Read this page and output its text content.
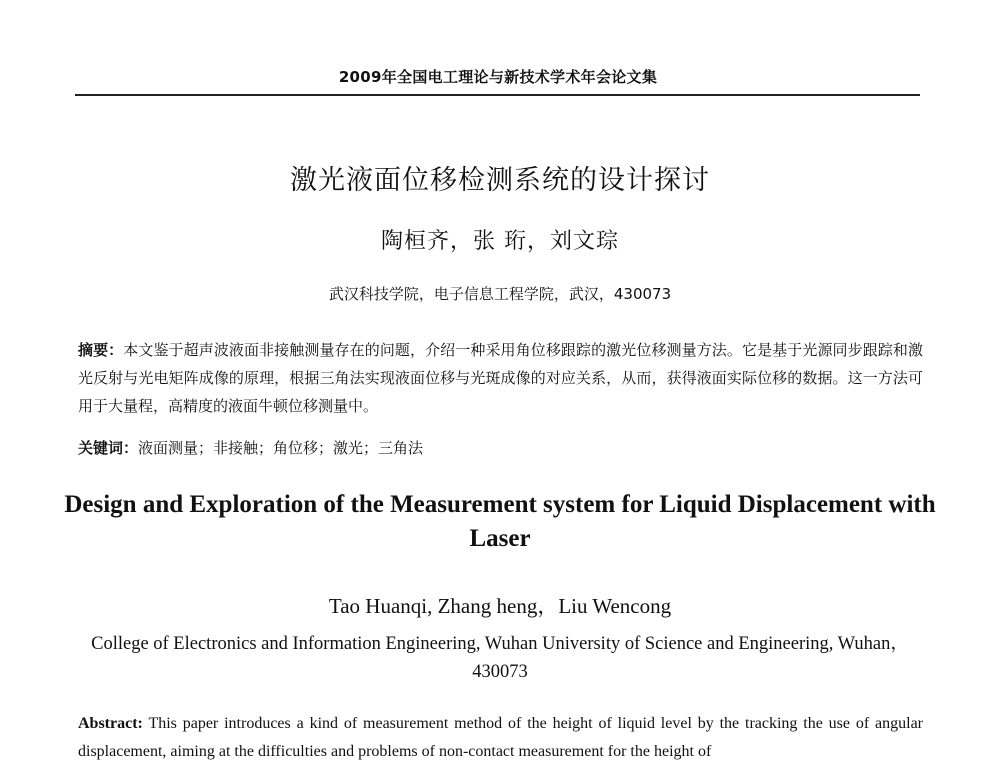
2009年全国电工理论与新技术学术年会论文集
激光液面位移检测系统的设计探讨
陶桓齐，张 珩，刘文琮
武汉科技学院，电子信息工程学院，武汉，430073
摘要：本文鉴于超声波液面非接触测量存在的问题，介绍一种采用角位移跟踪的激光位移测量方法。它是基于光源同步跟踪和激光反射与光电矩阵成像的原理，根据三角法实现液面位移与光斑成像的对应关系，从而，获得液面实际位移的数据。这一方法可用于大量程，高精度的液面牛顿位移测量中。
关键词：液面测量；非接触；角位移；激光；三角法
Design and Exploration of the Measurement system for Liquid Displacement with Laser
Tao Huanqi, Zhang heng，Liu Wencong
College of Electronics and Information Engineering, Wuhan University of Science and Engineering, Wuhan，430073
Abstract: This paper introduces a kind of measurement method of the height of liquid level by the tracking the use of angular displacement, aiming at the difficulties and problems of non-contact measurement for the height of
